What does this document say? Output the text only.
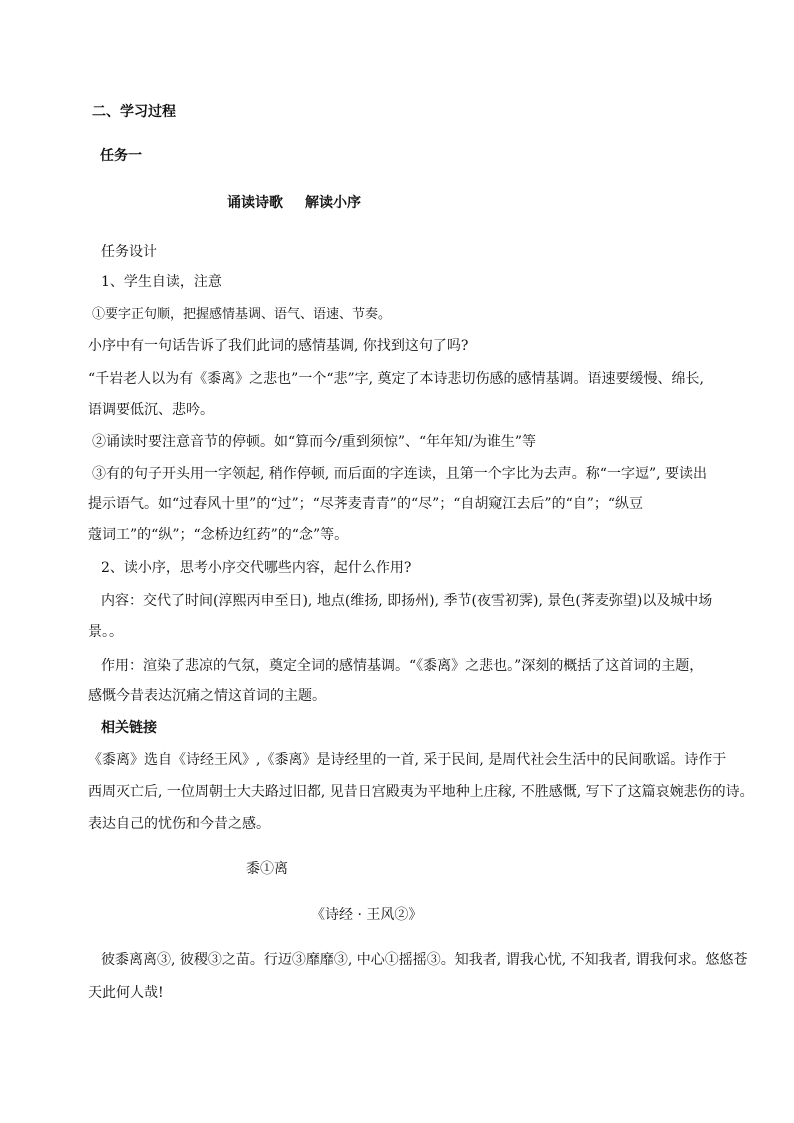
二、学习过程
任务一
诵读诗歌 解读小序
任务设计
1、学生自读，注意
①要字正句顺，把握感情基调、语气、语速、节奏。
小序中有一句话告诉了我们此词的感情基调, 你找到这句了吗?
“千岩老人以为有《黍离》之悲也”一个“悲”字, 奠定了本诗悲切伤感的感情基调。语速要缓慢、绵长,
语调要低沉、悲吟。
②诵读时要注意音节的停顿。如“算而今/重到须惊”、“年年知/为谁生”等
③有的句子开头用一字领起, 稍作停顿, 而后面的字连读，且第一个字比为去声。称“一字逗”, 要读出
提示语气。如“过春风十里”的“过”；“尽荠麦青青”的“尽”；“自胡窥江去后”的“自”；“纵豆
蔻词工”的“纵”；“念桥边红药”的“念”等。
2、读小序，思考小序交代哪些内容，起什么作用?
内容：交代了时间(淳熙丙申至日), 地点(维扬, 即扬州), 季节(夜雪初霁), 景色(荠麦弥望)以及城中场
景。。
作用：渲染了悲凉的气氛，奠定全词的感情基调。“《黍离》之悲也。”深刻的概括了这首词的主题，
感慨今昔表达沉痛之情这首词的主题。
相关链接
《黍离》选自《诗经王风》,《黍离》是诗经里的一首, 采于民间, 是周代社会生活中的民间歌谣。诗作于
西周灭亡后, 一位周朝士大夫路过旧都, 见昔日宫殿夷为平地种上庄稼, 不胜感慨, 写下了这篇哀婉悲伤的诗。
表达自己的忧伤和今昔之感。
黍①离
《诗经 · 王风②》
彼黍离离③, 彼稷③之苗。行迈③靡靡③, 中心①摇摇③。知我者, 谓我心忧, 不知我者, 谓我何求。悠悠苍
天此何人哉!
